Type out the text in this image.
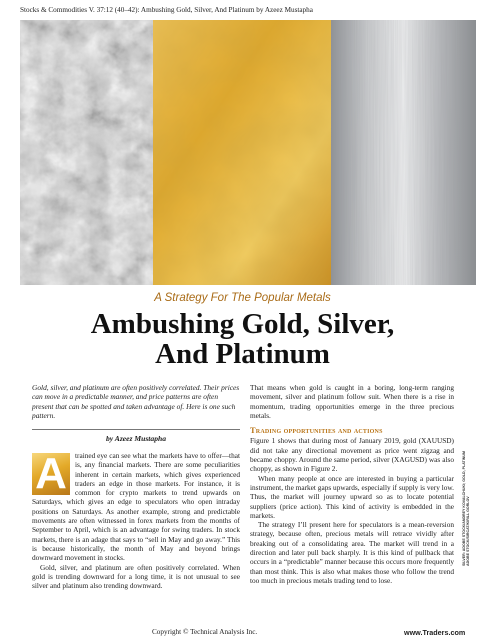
Stocks & Commodities V. 37:12 (40–42): Ambushing Gold, Silver, And Platinum by Azeez Mustapha
SILVER: ADOBE STOCK/ANDREY KOVALCHUK/; GOLD, PLATINUM ADOBE STOCK/SIRCAT/KIRILL GORLOV
A Strategy For The Popular Metals
Ambushing Gold, Silver,
And Platinum
Gold, silver, and platinum are often positively correlated. Their prices can move in a predictable manner, and price patterns are often present that can be spotted and taken advantage of. Here is one such pattern.
by Azeez Mustapha
A	trained eye can see what the markets have to offer—that is, any financial markets. There are some peculiarities inherent in certain markets, which gives experienced traders an edge in those markets. For instance, it is common for crypto markets to trend upwards on Saturdays, which gives an edge to speculators who open intraday positions on Saturdays. As another example, strong and predictable movements are often witnessed in forex markets from the months of September to April, which is an advantage for swing traders. In stock markets, there is an adage that says to “sell in May and go away.” This is because historically, the month of May and beyond brings downward movement in stocks.

Gold, silver, and platinum are often positively correlated. When gold is trending downward for a long time, it is not unusual to see silver and platinum also trending downward.

That means when gold is caught in a boring, long-term ranging movement, silver and platinum follow suit. When there is a rise in momentum, trading opportunities emerge in the three precious metals.

Trading opportunities and actions

Figure 1 shows that during most of January 2019, gold (XAUUSD) did not take any directional movement as price went zigzag and became choppy. Around the same period, silver (XAGUSD) was also choppy, as shown in Figure 2.

When many people at once are interested in buying a particular instrument, the market gaps upwards, especially if supply is very low. Thus, the market will journey upward so as to locate potential suppliers (price action). This kind of activity is embedded in the markets.

The strategy I’ll present here for speculators is a mean-reversion strategy, because often, precious metals will retrace vividly after breaking out of a consolidating area. The market will trend in a direction and later pull back sharply. It is this kind of pullback that occurs in a “predictable” manner because this occurs more frequently than most think. This is also what makes those who follow the trend too much in precious metals trading tend to lose.

Copyright © Technical Analysis Inc.	www.Traders.com
